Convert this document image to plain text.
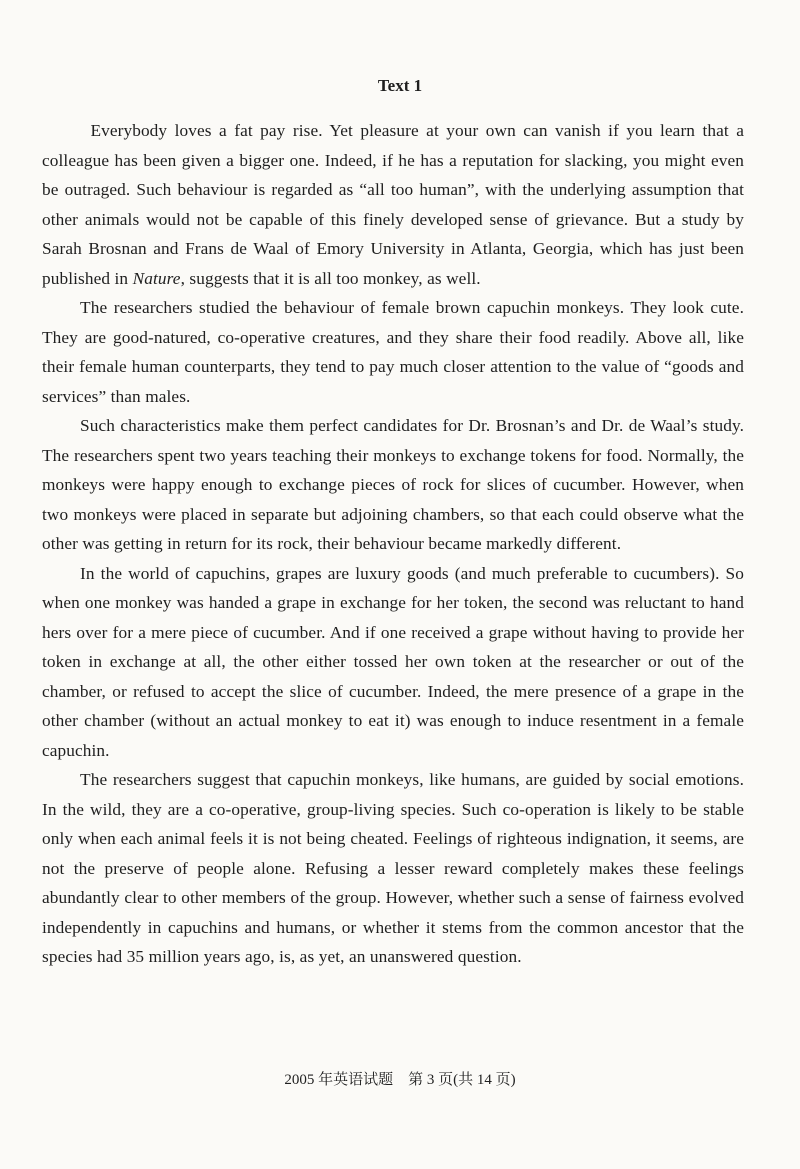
Text 1

Everybody loves a fat pay rise. Yet pleasure at your own can vanish if you learn that a colleague has been given a bigger one. Indeed, if he has a reputation for slacking, you might even be outraged. Such behaviour is regarded as “all too human”, with the underlying assumption that other animals would not be capable of this finely developed sense of grievance. But a study by Sarah Brosnan and Frans de Waal of Emory University in Atlanta, Georgia, which has just been published in Nature, suggests that it is all too monkey, as well.

The researchers studied the behaviour of female brown capuchin monkeys. They look cute. They are good-natured, co-operative creatures, and they share their food readily. Above all, like their female human counterparts, they tend to pay much closer attention to the value of “goods and services” than males.

Such characteristics make them perfect candidates for Dr. Brosnan’s and Dr. de Waal’s study. The researchers spent two years teaching their monkeys to exchange tokens for food. Normally, the monkeys were happy enough to exchange pieces of rock for slices of cucumber. However, when two monkeys were placed in separate but adjoining chambers, so that each could observe what the other was getting in return for its rock, their behaviour became markedly different.

In the world of capuchins, grapes are luxury goods (and much preferable to cucumbers). So when one monkey was handed a grape in exchange for her token, the second was reluctant to hand hers over for a mere piece of cucumber. And if one received a grape without having to provide her token in exchange at all, the other either tossed her own token at the researcher or out of the chamber, or refused to accept the slice of cucumber. Indeed, the mere presence of a grape in the other chamber (without an actual monkey to eat it) was enough to induce resentment in a female capuchin.

The researchers suggest that capuchin monkeys, like humans, are guided by social emotions. In the wild, they are a co-operative, group-living species. Such co-operation is likely to be stable only when each animal feels it is not being cheated. Feelings of righteous indignation, it seems, are not the preserve of people alone. Refusing a lesser reward completely makes these feelings abundantly clear to other members of the group. However, whether such a sense of fairness evolved independently in capuchins and humans, or whether it stems from the common ancestor that the species had 35 million years ago, is, as yet, an unanswered question.

2005 年英语试题　第 3 页(共 14 页)
